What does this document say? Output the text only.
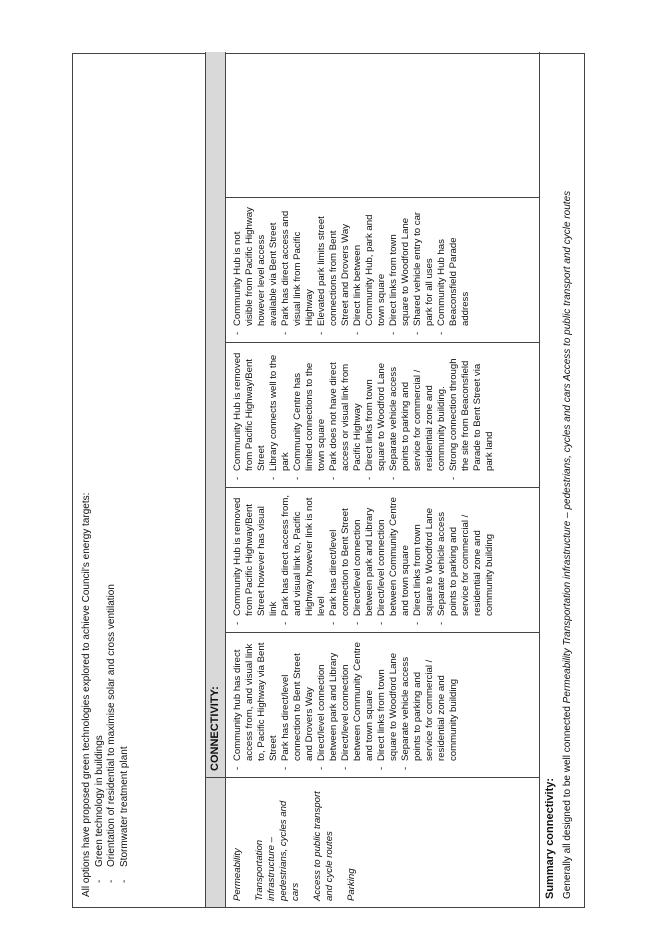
All options have proposed green technologies explored to achieve Council's energy targets: - Green technology in buildings - Orientation of residential to maximise solar and cross ventilation - Stormwater treatment plant
CONNECTIVITY:

Permeability Transportation infrastructure – pedestrians, cycles and cars Access to public transport and cycle routes Parking

- Community hub has direct access from, and visual link to, Pacific Highway via Bent Street - Park has direct/level connection to Bent Street and Drovers Way - Direct/level connection between park and Library - Direct/level connection between Community Centre and town square - Direct links from town square to Woodford Lane - Separate vehicle access points to parking and service for commercial / residential zone and community building
- Community Hub is removed from Pacific Highway/Bent Street however has visual link - Park has direct access from, and visual link to, Pacific Highway however link is not level - Park has direct/level connection to Bent Street - Direct/level connection between park and Library - Direct/level connection between Community Centre and town square - Direct links from town square to Woodford Lane - Separate vehicle access points to parking and service for commercial / residential zone and community building
- Community Hub is removed from Pacific Highway/Bent Street - Library connects well to the park - Community Centre has limited connections to the town square - Park does not have direct access or visual link from Pacific Highway - Direct links from town square to Woodford Lane - Separate vehicle access points to parking and service for commercial / residential zone and community building. - Strong connection through the site from Beaconsfield Parade to Bent Street via park land
- Community Hub is not visible from Pacific Highway however level access available via Bent Street - Park has direct access and visual link from Pacific Highway - Elevated park limits street connections from Bent Street and Drovers Way - Direct link between Community Hub, park and town square - Direct links from town square to Woodford Lane - Shared vehicle entry to car park for all uses - Community Hub has Beaconsfield Parade address
Summary connectivity: Generally all designed to be well connected Permeability Transportation infrastructure – pedestrians, cycles and cars Access to public transport and cycle routes
